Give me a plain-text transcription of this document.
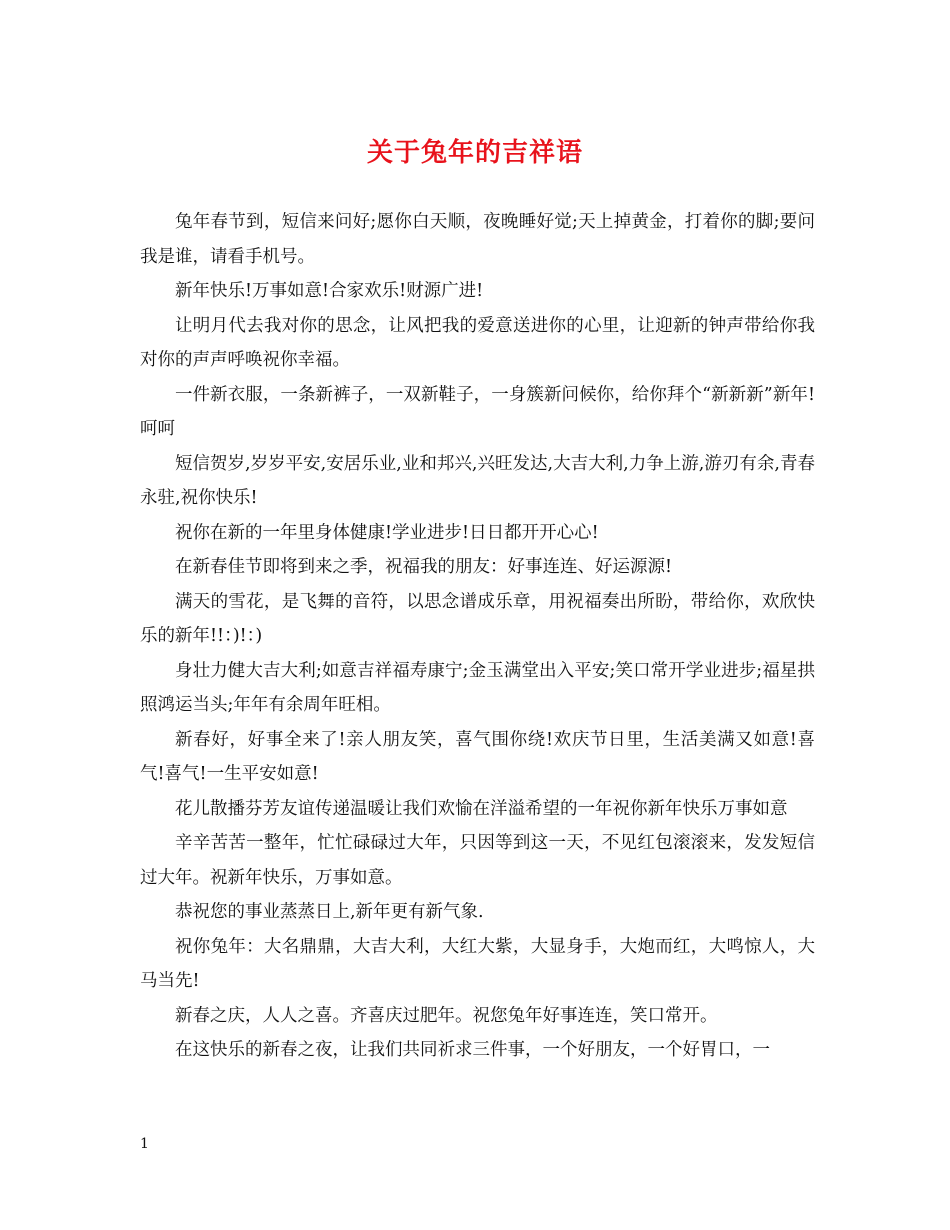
关于兔年的吉祥语

兔年春节到，短信来问好;愿你白天顺，夜晚睡好觉;天上掉黄金，打着你的脚;要问我是谁，请看手机号。

新年快乐!万事如意!合家欢乐!财源广进!

让明月代去我对你的思念，让风把我的爱意送进你的心里，让迎新的钟声带给你我对你的声声呼唤祝你幸福。

一件新衣服，一条新裤子，一双新鞋子，一身簇新问候你，给你拜个“新新新”新年!呵呵

短信贺岁,岁岁平安,安居乐业,业和邦兴,兴旺发达,大吉大利,力争上游,游刃有余,青春永驻,祝你快乐!

祝你在新的一年里身体健康!学业进步!日日都开开心心!

在新春佳节即将到来之季，祝福我的朋友：好事连连、好运源源!

满天的雪花，是飞舞的音符，以思念谱成乐章，用祝福奏出所盼，带给你，欢欣快乐的新年!!：)!：)

身壮力健大吉大利;如意吉祥福寿康宁;金玉满堂出入平安;笑口常开学业进步;福星拱照鸿运当头;年年有余周年旺相。

新春好，好事全来了!亲人朋友笑，喜气围你绕!欢庆节日里，生活美满又如意!喜气!喜气!一生平安如意!

花儿散播芬芳友谊传递温暖让我们欢愉在洋溢希望的一年祝你新年快乐万事如意

辛辛苦苦一整年，忙忙碌碌过大年，只因等到这一天，不见红包滚滚来，发发短信过大年。祝新年快乐，万事如意。

恭祝您的事业蒸蒸日上,新年更有新气象.

祝你兔年：大名鼎鼎，大吉大利，大红大紫，大显身手，大炮而红，大鸣惊人，大马当先!

新春之庆，人人之喜。齐喜庆过肥年。祝您兔年好事连连，笑口常开。

在这快乐的新春之夜，让我们共同祈求三件事，一个好朋友，一个好胃口，一

1
